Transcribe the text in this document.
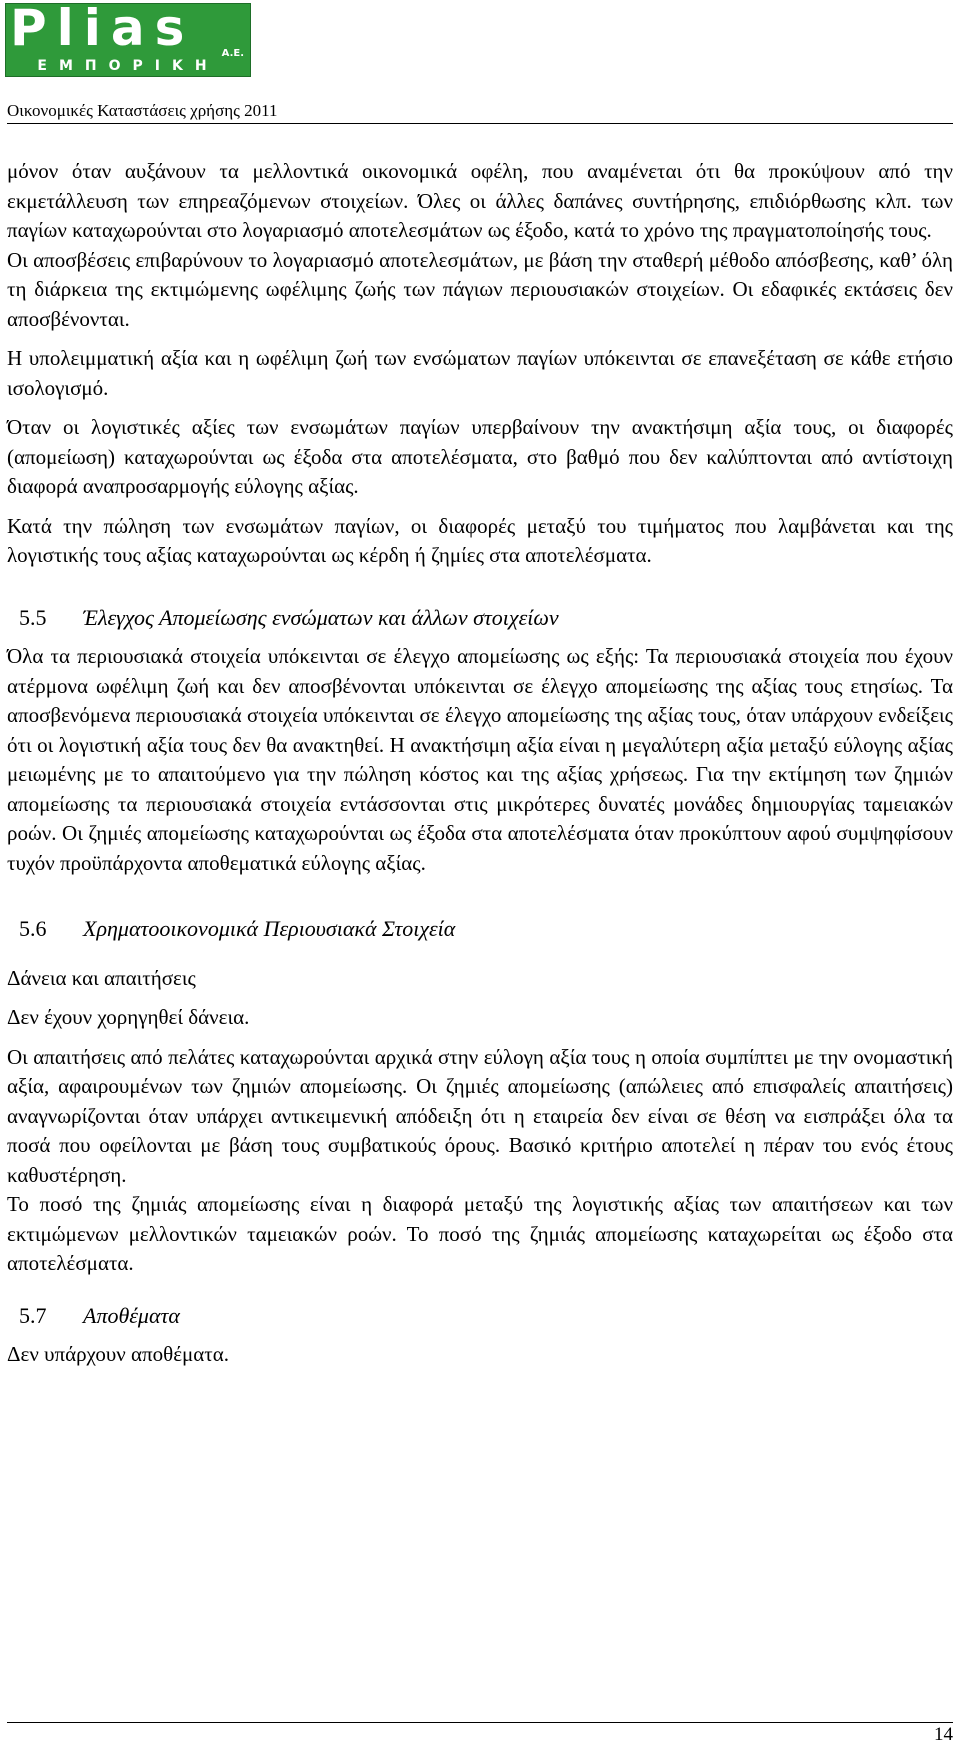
Plias	A.E.
ΕΜΠΟΡΙΚΗ
Οικονομικές Καταστάσεις χρήσης 2011

μόνον όταν αυξάνουν τα μελλοντικά οικονομικά οφέλη, που αναμένεται ότι θα προκύψουν από την εκμετάλλευση των επηρεαζόμενων στοιχείων. Όλες οι άλλες δαπάνες συντήρησης, επιδιόρθωσης κλπ. των παγίων καταχωρούνται στο λογαριασμό αποτελεσμάτων ως έξοδο, κατά το χρόνο της πραγματοποίησής τους.

Οι αποσβέσεις επιβαρύνουν το λογαριασμό αποτελεσμάτων, με βάση την σταθερή μέθοδο απόσβεσης, καθ’ όλη τη διάρκεια της εκτιμώμενης ωφέλιμης ζωής των πάγιων περιουσιακών στοιχείων. Οι εδαφικές εκτάσεις δεν αποσβένονται.

Η υπολειμματική αξία και η ωφέλιμη ζωή των ενσώματων παγίων υπόκεινται σε επανεξέταση σε κάθε ετήσιο ισολογισμό.

Όταν οι λογιστικές αξίες των ενσωμάτων παγίων υπερβαίνουν την ανακτήσιμη αξία τους, οι διαφορές (απομείωση) καταχωρούνται ως έξοδα στα αποτελέσματα, στο βαθμό που δεν καλύπτονται από αντίστοιχη διαφορά αναπροσαρμογής εύλογης αξίας.

Κατά την πώληση των ενσωμάτων παγίων, οι διαφορές μεταξύ του τιμήματος που λαμβάνεται και της λογιστικής τους αξίας καταχωρούνται ως κέρδη ή ζημίες στα αποτελέσματα.

5.5 Έλεγχος Απομείωσης ενσώματων και άλλων στοιχείων

Όλα τα περιουσιακά στοιχεία υπόκεινται σε έλεγχο απομείωσης ως εξής: Τα περιουσιακά στοιχεία που έχουν ατέρμονα ωφέλιμη ζωή και δεν αποσβένονται υπόκεινται σε έλεγχο απομείωσης της αξίας τους ετησίως. Τα αποσβενόμενα περιουσιακά στοιχεία υπόκεινται σε έλεγχο απομείωσης της αξίας τους, όταν υπάρχουν ενδείξεις ότι οι λογιστική αξία τους δεν θα ανακτηθεί. Η ανακτήσιμη αξία είναι η μεγαλύτερη αξία μεταξύ εύλογης αξίας μειωμένης με το απαιτούμενο για την πώληση κόστος και της αξίας χρήσεως. Για την εκτίμηση των ζημιών απομείωσης τα περιουσιακά στοιχεία εντάσσονται στις μικρότερες δυνατές μονάδες δημιουργίας ταμειακών ροών. Οι ζημιές απομείωσης καταχωρούνται ως έξοδα στα αποτελέσματα όταν προκύπτουν αφού συμψηφίσουν τυχόν προϋπάρχοντα αποθεματικά εύλογης αξίας.

5.6 Χρηματοοικονομικά Περιουσιακά Στοιχεία

Δάνεια και απαιτήσεις

Δεν έχουν χορηγηθεί δάνεια.

Οι απαιτήσεις από πελάτες καταχωρούνται αρχικά στην εύλογη αξία τους η οποία συμπίπτει με την ονομαστική αξία, αφαιρουμένων των ζημιών απομείωσης. Οι ζημιές απομείωσης (απώλειες από επισφαλείς απαιτήσεις) αναγνωρίζονται όταν υπάρχει αντικειμενική απόδειξη ότι η εταιρεία δεν είναι σε θέση να εισπράξει όλα τα ποσά που οφείλονται με βάση τους συμβατικούς όρους. Βασικό κριτήριο αποτελεί η πέραν του ενός έτους καθυστέρηση.

Το ποσό της ζημιάς απομείωσης είναι η διαφορά μεταξύ της λογιστικής αξίας των απαιτήσεων και των εκτιμώμενων μελλοντικών ταμειακών ροών. Το ποσό της ζημιάς απομείωσης καταχωρείται ως έξοδο στα αποτελέσματα.

5.7 Αποθέματα

Δεν υπάρχουν αποθέματα.

14
